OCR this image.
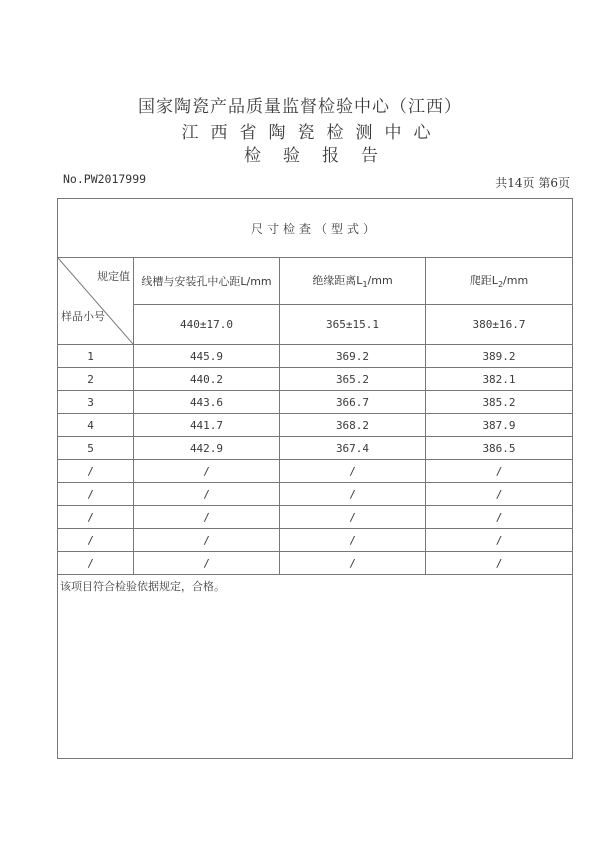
国家陶瓷产品质量监督检验中心（江西）
江西省陶瓷检测中心
检验报告
No.PW2017999	共14页 第6页
尺寸检查（型式）			

规定值
样品小号	线槽与安装孔中心距L/mm	绝缘距离$L_1/mm$	爬距$L_2/mm$
	440±17.0	365±15.1	380±16.7
1	445.9	369.2	389.2
2	440.2	365.2	382.1
3	443.6	366.7	385.2
4	441.7	368.2	387.9
5	442.9	367.4	386.5
/	/	/	/
/	/	/	/
/	/	/	/
/	/	/	/
/	/	/	/
该项目符合检验依据规定，合格。			
